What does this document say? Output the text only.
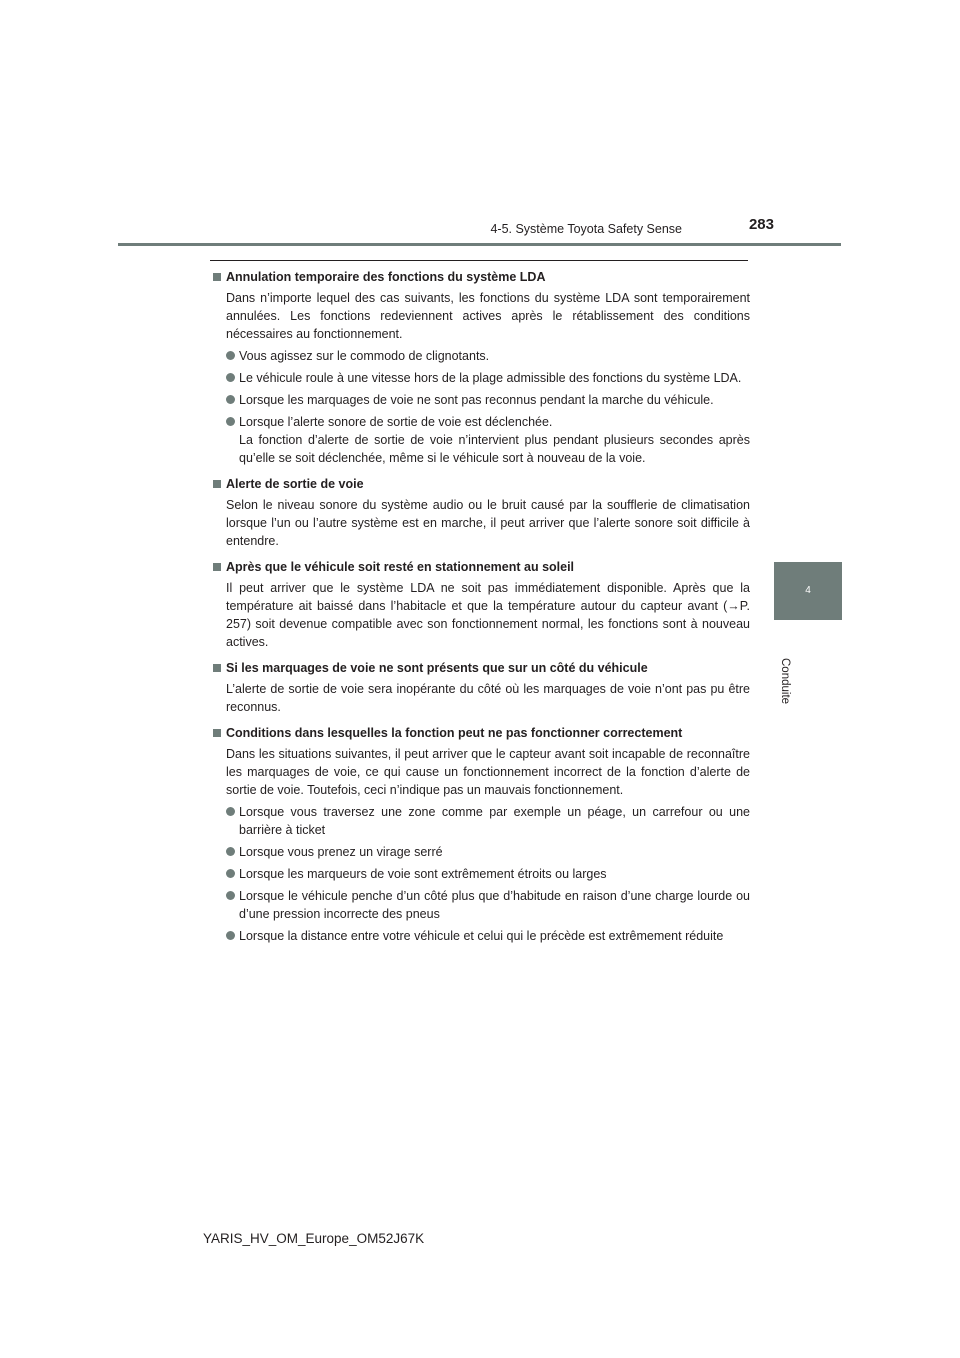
4-5. Système Toyota Safety Sense	283
4
Conduite
Annulation temporaire des fonctions du système LDA
Dans n’importe lequel des cas suivants, les fonctions du système LDA sont temporairement annulées. Les fonctions redeviennent actives après le rétablissement des conditions nécessaires au fonctionnement.
Vous agissez sur le commodo de clignotants.
Le véhicule roule à une vitesse hors de la plage admissible des fonctions du système LDA.
Lorsque les marquages de voie ne sont pas reconnus pendant la marche du véhicule.
Lorsque l’alerte sonore de sortie de voie est déclenchée.
La fonction d’alerte de sortie de voie n’intervient plus pendant plusieurs secondes après qu’elle se soit déclenchée, même si le véhicule sort à nouveau de la voie.
Alerte de sortie de voie
Selon le niveau sonore du système audio ou le bruit causé par la soufflerie de climatisation lorsque l’un ou l’autre système est en marche, il peut arriver que l’alerte sonore soit difficile à entendre.
Après que le véhicule soit resté en stationnement au soleil
Il peut arriver que le système LDA ne soit pas immédiatement disponible. Après que la température ait baissé dans l’habitacle et que la température autour du capteur avant (→P. 257) soit devenue compatible avec son fonctionnement normal, les fonctions sont à nouveau actives.
Si les marquages de voie ne sont présents que sur un côté du véhicule
L’alerte de sortie de voie sera inopérante du côté où les marquages de voie n’ont pas pu être reconnus.
Conditions dans lesquelles la fonction peut ne pas fonctionner correctement
Dans les situations suivantes, il peut arriver que le capteur avant soit incapable de reconnaître les marquages de voie, ce qui cause un fonctionnement incorrect de la fonction d’alerte de sortie de voie. Toutefois, ceci n’indique pas un mauvais fonctionnement.
Lorsque vous traversez une zone comme par exemple un péage, un carrefour ou une barrière à ticket
Lorsque vous prenez un virage serré
Lorsque les marqueurs de voie sont extrêmement étroits ou larges
Lorsque le véhicule penche d’un côté plus que d’habitude en raison d’une charge lourde ou d’une pression incorrecte des pneus
Lorsque la distance entre votre véhicule et celui qui le précède est extrêmement réduite
YARIS_HV_OM_Europe_OM52J67K
